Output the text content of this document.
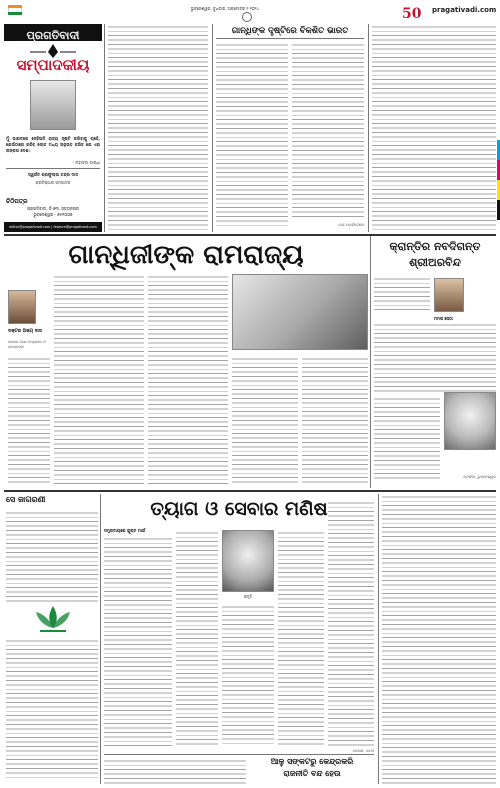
ଭୁବନେଶ୍ୱର, ବୁଧବାର, ଅକ୍ଟୋବର ୨ ୨୦୨୪	50	pragativadi.com
ପ୍ରଗତିବାଦୀ
ସମ୍ପାଦକୀୟ
ମୁଁ ଭାରତରେ ସେହିଭଳି ରାଜ୍ୟ ସୃଷ୍ଟି କରିବାକୁ ଚାହେଁ, ଯେଉଁଠାରେ ଗରିବ ଲୋକ ମଧ୍ୟ ଅନୁଭବ କରିବ ଯେ ଏହା ତାଙ୍କର ଦେଶ।
- ମହାତ୍ମା ଗାନ୍ଧୀ
ସ୍ୱର୍ଗତ ପ୍ରଫୁଲ୍ଲ ଚନ୍ଦ୍ର ଦାସ
ପ୍ରତିଷ୍ଠାତା ସମ୍ପାଦକ
ଚିଠିପତ୍ର
ପ୍ରଗତିବାଦୀ, ବି-୭୩, ସତ୍ୟନଗର
ଭୁବନେଶ୍ୱର - ୭୫୧୦୦୭
editor@pragativadi.com | feature@pragativadi.com
ଗାନ୍ଧିଙ୍କ ଦୃଷ୍ଟିରେ ବିକଶିତ ଭାରତ
ଉପ-ମହାନିର୍ଦ୍ଦେଶକ
ଗାନ୍ଧିଜୀଙ୍କ ରାମରାଜ୍ୟ
ଡକ୍ଟର ଅଜୟ ଦାସ
ଲେଖକ ଜଣେ ଅଧ୍ୟାପକ ଓ ସମାଜସେବୀ
କ୍ରାନ୍ତିର ନବଦିଗନ୍ତ
ଶ୍ରୀଅରବିନ୍ଦ
ମମତା ସେଠୀ
ଲେଖିକା, ଭୁବନେଶ୍ୱର
ସେ ଜାଗରଣୀ	ତ୍ୟାଗ ଓ ସେବାର ମଣିଷ
ସମ୍ପ୍ରଦାୟରେ ଗୁପ୍ତ ମାର୍ଗ
ସ୍ମୃତି
ଲେଖକ, କଟକ
ଆଳୁ ସଙ୍କଟରୁ କେନ୍ଦ୍ରକରି
ରାଜନୀତି ବନ୍ଦ ହେଉ
